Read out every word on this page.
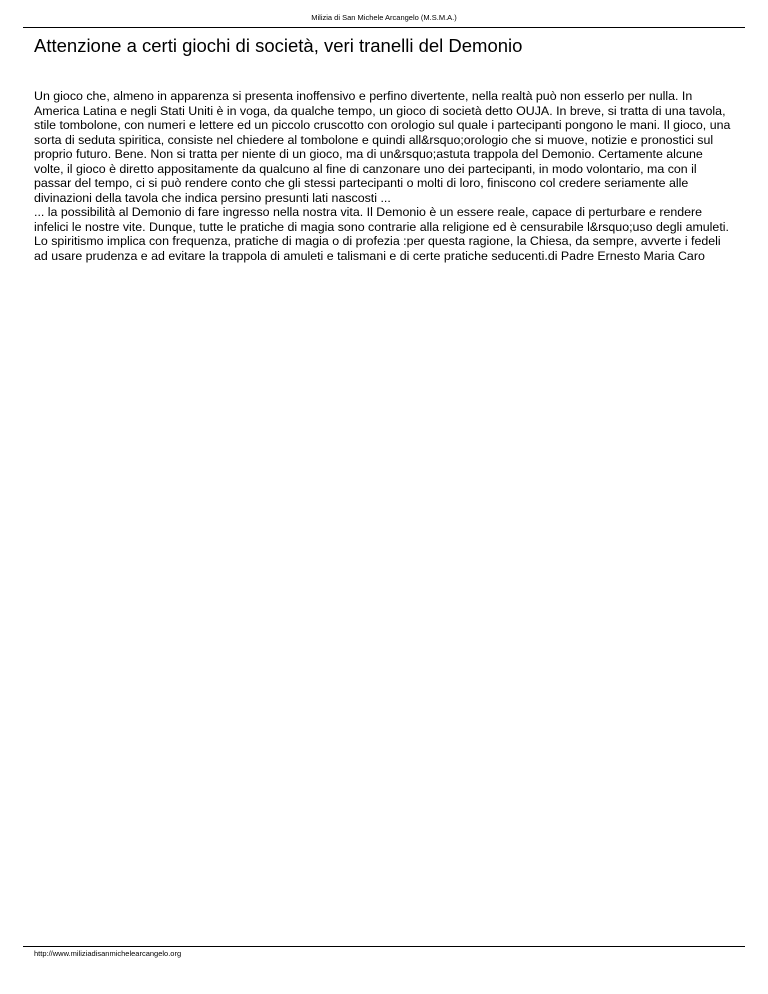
Milizia di San Michele Arcangelo (M.S.M.A.)
Attenzione a certi giochi di società, veri tranelli del Demonio

Un gioco che, almeno in apparenza si presenta inoffensivo e perfino divertente, nella realtà può non esserlo per nulla. In America Latina e negli Stati Uniti è in voga, da qualche tempo, un gioco di società detto OUJA. In breve, si tratta di una tavola, stile tombolone, con numeri e lettere ed un piccolo cruscotto con orologio sul quale i partecipanti pongono le mani. Il gioco, una sorta di seduta spiritica, consiste nel chiedere al tombolone e quindi all&rsquo;orologio che si muove, notizie e pronostici sul proprio futuro. Bene. Non si tratta per niente di un gioco, ma di un&rsquo;astuta trappola del Demonio. Certamente alcune volte, il gioco è diretto appositamente da qualcuno al fine di canzonare uno dei partecipanti, in modo volontario, ma con il passar del tempo, ci si può rendere conto che gli stessi partecipanti o molti di loro, finiscono col credere seriamente alle divinazioni della tavola che indica persino presunti lati nascosti ...

... la possibilità al Demonio di fare ingresso nella nostra vita. Il Demonio è un essere reale, capace di perturbare e rendere infelici le nostre vite. Dunque, tutte le pratiche di magia sono contrarie alla religione ed è censurabile l&rsquo;uso degli amuleti. Lo spiritismo implica con frequenza, pratiche di magia o di profezia :per questa ragione, la Chiesa, da sempre, avverte i fedeli ad usare prudenza e ad evitare la trappola di amuleti e talismani e di certe pratiche seducenti.di Padre Ernesto Maria Caro

http://www.miliziadisanmichelearcangelo.org
